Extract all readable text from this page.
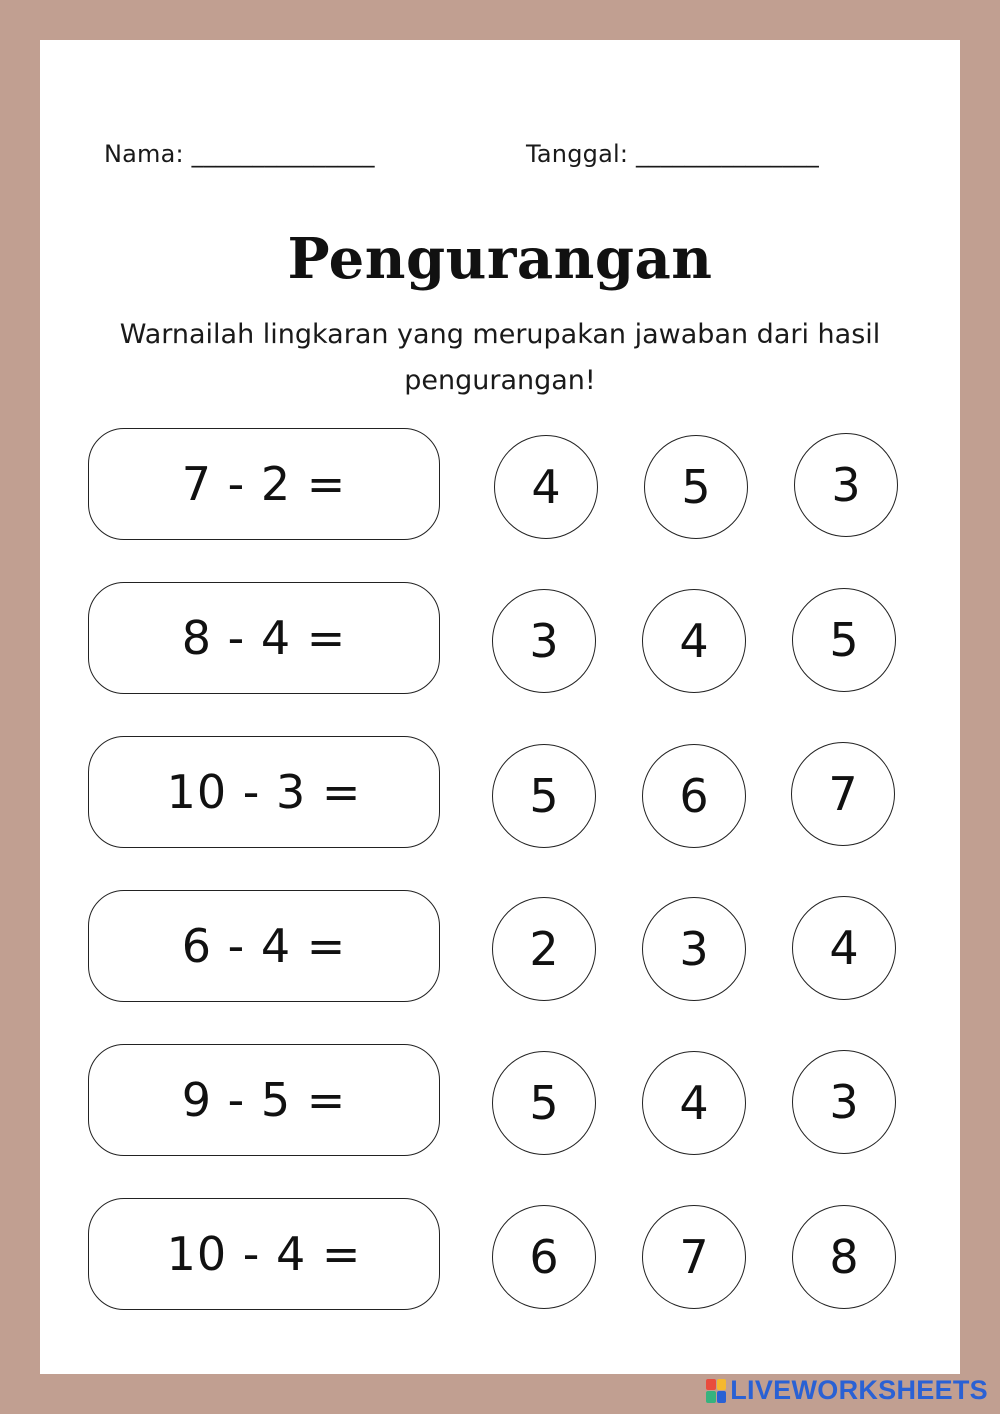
Nama: _______________	Tanggal: _______________
Pengurangan
Warnailah lingkaran yang merupakan jawaban dari hasil pengurangan!
7 - 2 =	4	5	3
8 - 4 =	3	4	5
10 - 3 =	5	6	7
6 - 4 =	2	3	4
9 - 5 =	5	4	3
10 - 4 =	6	7	8
LIVEWORKSHEETS
